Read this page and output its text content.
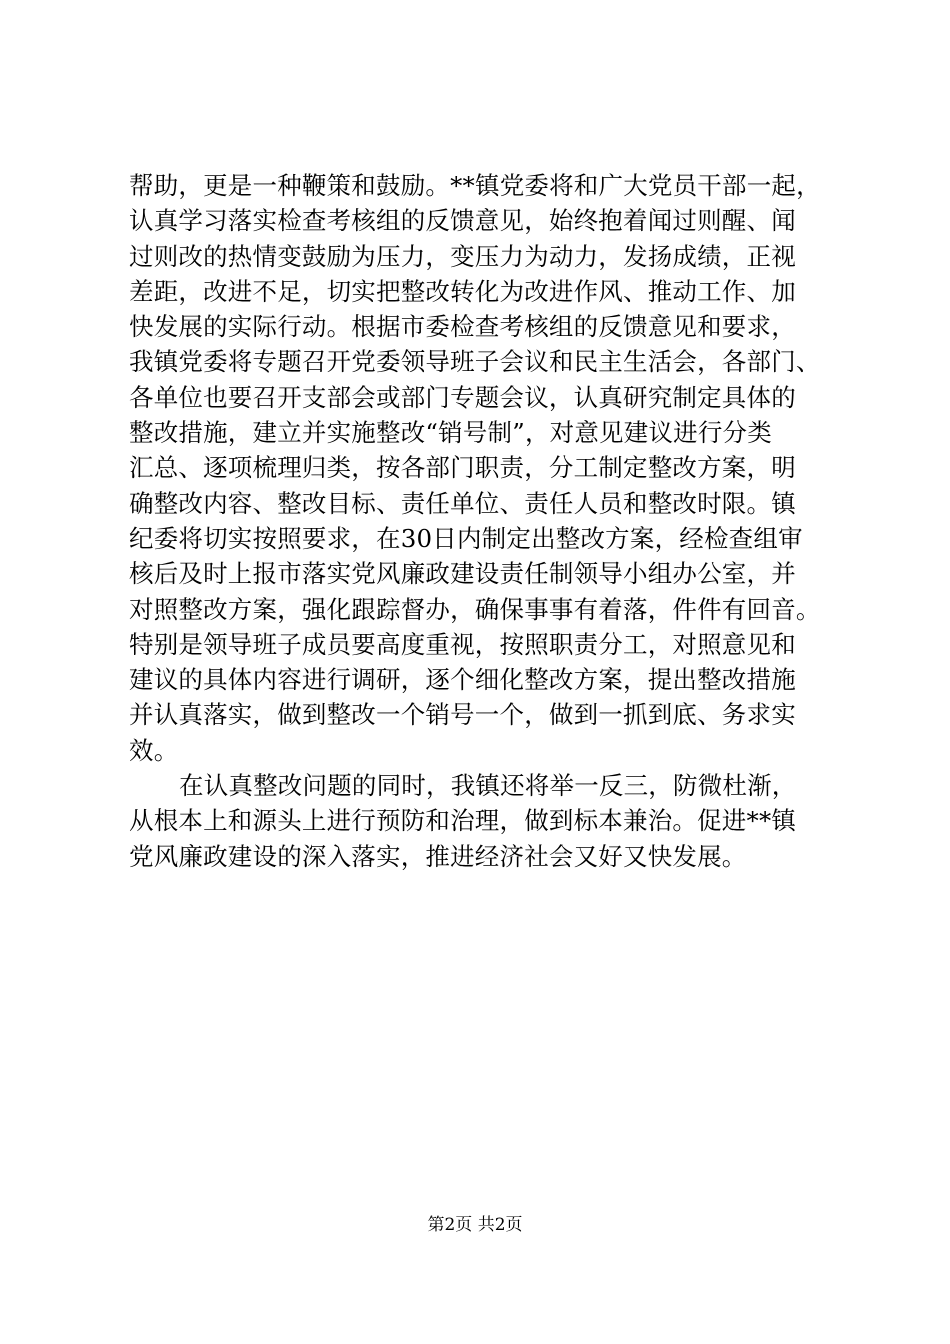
帮助，更是一种鞭策和鼓励。**镇党委将和广大党员干部一起，
认真学习落实检查考核组的反馈意见，始终抱着闻过则醒、闻
过则改的热情变鼓励为压力，变压力为动力，发扬成绩，正视
差距，改进不足，切实把整改转化为改进作风、推动工作、加
快发展的实际行动。根据市委检查考核组的反馈意见和要求，
我镇党委将专题召开党委领导班子会议和民主生活会，各部门、
各单位也要召开支部会或部门专题会议，认真研究制定具体的
整改措施，建立并实施整改“销号制”，对意见建议进行分类
汇总、逐项梳理归类，按各部门职责，分工制定整改方案，明
确整改内容、整改目标、责任单位、责任人员和整改时限。镇
纪委将切实按照要求，在30日内制定出整改方案，经检查组审
核后及时上报市落实党风廉政建设责任制领导小组办公室，并
对照整改方案，强化跟踪督办，确保事事有着落，件件有回音。
特别是领导班子成员要高度重视，按照职责分工，对照意见和
建议的具体内容进行调研，逐个细化整改方案，提出整改措施
并认真落实，做到整改一个销号一个，做到一抓到底、务求实
效。
在认真整改问题的同时，我镇还将举一反三，防微杜渐，
从根本上和源头上进行预防和治理，做到标本兼治。促进**镇
党风廉政建设的深入落实，推进经济社会又好又快发展。
第2页 共2页
